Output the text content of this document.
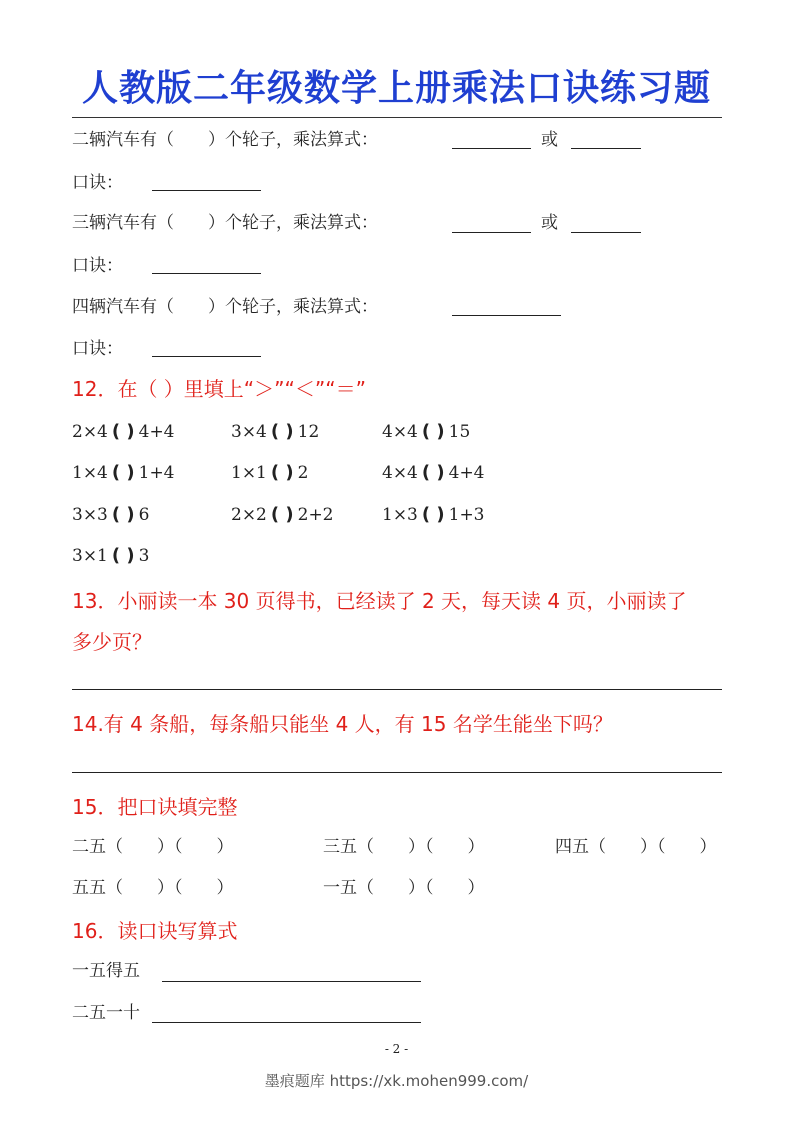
人教版二年级数学上册乘法口诀练习题
二辆汽车有（　　）个轮子，乘法算式：	或
口诀：
三辆汽车有（　　）个轮子，乘法算式：	或
口诀：
四辆汽车有（　　）个轮子，乘法算式：
口诀：
12．在（ ）里填上“＞”“＜”“＝”
2×4 ( ) 4+4	3×4 ( ) 12	4×4 ( ) 15
1×4 ( ) 1+4	1×1 ( ) 2	4×4 ( ) 4+4
3×3 ( ) 6	2×2 ( ) 2+2	1×3 ( ) 1+3
3×1 ( ) 3
13．小丽读一本 30 页得书，已经读了 2 天，每天读 4 页，小丽读了
多少页？
14.有 4 条船，每条船只能坐 4 人，有 15 名学生能坐下吗？
15．把口诀填完整
二五（　　）（　　）	三五（　　）（　　）	四五（　　）（　　）
五五（　　）（　　）	一五（　　）（　　）
16．读口诀写算式
一五得五
二五一十
- 2 -
墨痕题库 https://xk.mohen999.com/
